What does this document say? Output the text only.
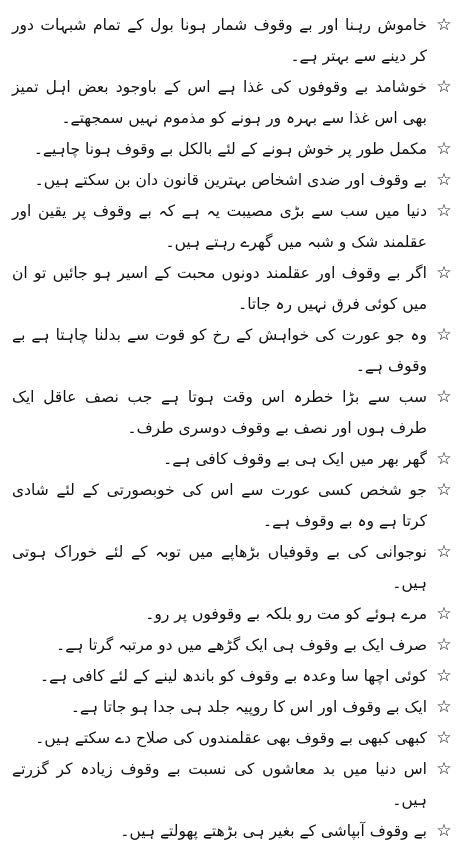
☆
خاموش رہنا اور بے وقوف شمار ہونا بول کے تمام شبہات دور کر دینے سے بہتر ہے۔
☆
خوشامد بے وقوفوں کی غذا ہے اس کے باوجود بعض اہل تمیز بھی اس غذا سے بہرہ ور ہونے کو مذموم نہیں سمجھتے۔
☆
مکمل طور پر خوش ہونے کے لئے بالکل بے وقوف ہونا چاہیے۔
☆
بے وقوف اور ضدی اشخاص بہترین قانون دان بن سکتے ہیں۔
☆
دنیا میں سب سے بڑی مصیبت یہ ہے کہ بے وقوف پر یقین اور عقلمند شک و شبہ میں گھرے رہتے ہیں۔
☆
اگر بے وقوف اور عقلمند دونوں محبت کے اسیر ہو جائیں تو ان میں کوئی فرق نہیں رہ جاتا۔
☆
وہ جو عورت کی خواہش کے رخ کو قوت سے بدلنا چاہتا ہے بے وقوف ہے۔
☆
سب سے بڑا خطرہ اس وقت ہوتا ہے جب نصف عاقل ایک طرف ہوں اور نصف بے وقوف دوسری طرف۔
☆
گھر بھر میں ایک ہی بے وقوف کافی ہے۔
☆
جو شخص کسی عورت سے اس کی خوبصورتی کے لئے شادی کرتا ہے وہ بے وقوف ہے۔
☆
نوجوانی کی بے وقوفیاں بڑھاپے میں توبہ کے لئے خوراک ہوتی ہیں۔
☆
مرے ہوئے کو مت رو بلکہ بے وقوفوں پر رو۔
☆
صرف ایک بے وقوف ہی ایک گڑھے میں دو مرتبہ گرتا ہے۔
☆
کوئی اچھا سا وعدہ بے وقوف کو باندھ لینے کے لئے کافی ہے۔
☆
ایک بے وقوف اور اس کا روپیہ جلد ہی جدا ہو جاتا ہے۔
☆
کبھی کبھی بے وقوف بھی عقلمندوں کی صلاح دے سکتے ہیں۔
☆
اس دنیا میں بد معاشوں کی نسبت بے وقوف زیادہ کر گزرتے ہیں۔
☆
بے وقوف آبپاشی کے بغیر ہی بڑھتے پھولتے ہیں۔
